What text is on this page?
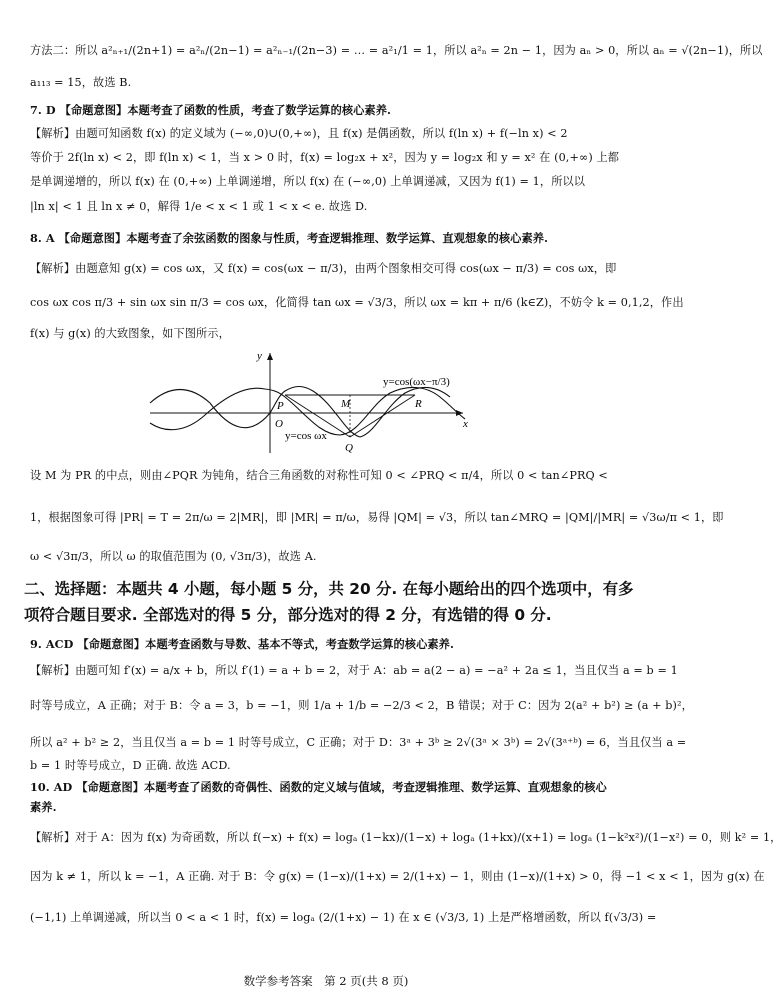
方法二：所以 a²ₙ₊₁/(2n+1) = a²ₙ/(2n−1) = a²ₙ₋₁/(2n−3) = … = a²₁/1 = 1，所以 a²ₙ = 2n − 1，因为 aₙ > 0，所以 aₙ = √(2n−1)，所以
a₁₁₃ = 15，故选 B.
7. D 【命题意图】本题考查了函数的性质，考查了数学运算的核心素养.
【解析】由题可知函数 f(x) 的定义域为 (−∞,0)∪(0,+∞)，且 f(x) 是偶函数，所以 f(ln x) + f(−ln x) < 2
等价于 2f(ln x) < 2，即 f(ln x) < 1，当 x > 0 时，f(x) = log₂x + x²，因为 y = log₂x 和 y = x² 在 (0,+∞) 上都
是单调递增的，所以 f(x) 在 (0,+∞) 上单调递增，所以 f(x) 在 (−∞,0) 上单调递减，又因为 f(1) = 1，所以以
|ln x| < 1 且 ln x ≠ 0，解得 1/e < x < 1 或 1 < x < e. 故选 D.
8. A 【命题意图】本题考查了余弦函数的图象与性质，考查逻辑推理、数学运算、直观想象的核心素养.
【解析】由题意知 g(x) = cos ωx，又 f(x) = cos(ωx − π/3)，由两个图象相交可得 cos(ωx − π/3) = cos ωx，即
cos ωx cos π/3 + sin ωx sin π/3 = cos ωx，化简得 tan ωx = √3/3，所以 ωx = kπ + π/6 (k∈Z)，不妨令 k = 0,1,2，作出
f(x) 与 g(x) 的大致图象，如下图所示，
y
x
O
P	M	R
Q
y=cos(ωx−π/3)
y=cos ωx
设 M 为 PR 的中点，则由∠PQR 为钝角，结合三角函数的对称性可知 0 < ∠PRQ < π/4，所以 0 < tan∠PRQ <
1，根据图象可得 |PR| = T = 2π/ω = 2|MR|，即 |MR| = π/ω，易得 |QM| = √3，所以 tan∠MRQ = |QM|/|MR| = √3ω/π < 1，即
ω < √3π/3，所以 ω 的取值范围为 (0, √3π/3)，故选 A.
二、选择题：本题共 4 小题，每小题 5 分，共 20 分. 在每小题给出的四个选项中，有多
项符合题目要求. 全部选对的得 5 分，部分选对的得 2 分，有选错的得 0 分.
9. ACD 【命题意图】本题考查函数与导数、基本不等式，考查数学运算的核心素养.
【解析】由题可知 f′(x) = a/x + b，所以 f′(1) = a + b = 2，对于 A：ab = a(2 − a) = −a² + 2a ≤ 1，当且仅当 a = b = 1
时等号成立，A 正确；对于 B：令 a = 3，b = −1，则 1/a + 1/b = −2/3 < 2，B 错误；对于 C：因为 2(a² + b²) ≥ (a + b)²，
所以 a² + b² ≥ 2，当且仅当 a = b = 1 时等号成立，C 正确；对于 D：3ᵃ + 3ᵇ ≥ 2√(3ᵃ × 3ᵇ) = 2√(3ᵃ⁺ᵇ) = 6，当且仅当 a =
b = 1 时等号成立，D 正确. 故选 ACD.
10. AD 【命题意图】本题考查了函数的奇偶性、函数的定义域与值域，考查逻辑推理、数学运算、直观想象的核心
素养.
【解析】对于 A：因为 f(x) 为奇函数，所以 f(−x) + f(x) = logₐ (1−kx)/(1−x) + logₐ (1+kx)/(x+1) = logₐ (1−k²x²)/(1−x²) = 0，则 k² = 1，
因为 k ≠ 1，所以 k = −1，A 正确. 对于 B：令 g(x) = (1−x)/(1+x) = 2/(1+x) − 1，则由 (1−x)/(1+x) > 0，得 −1 < x < 1，因为 g(x) 在
(−1,1) 上单调递减，所以当 0 < a < 1 时，f(x) = logₐ (2/(1+x) − 1) 在 x ∈ (√3/3, 1) 上是严格增函数，所以 f(√3/3) =
数学参考答案　第 2 页(共 8 页)
